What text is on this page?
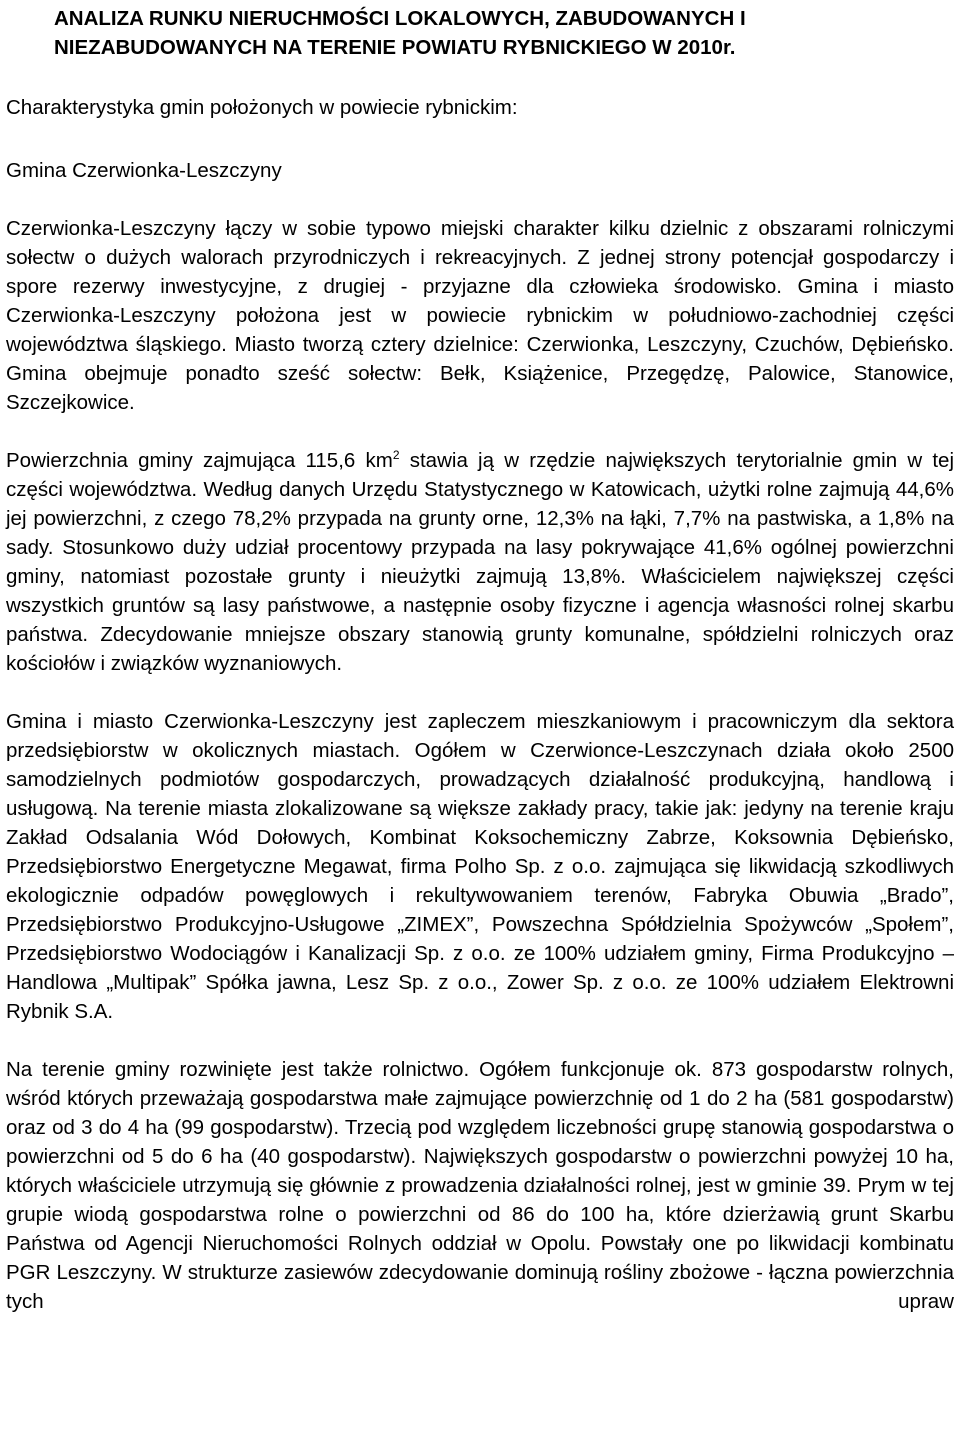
ANALIZA RUNKU NIERUCHMOŚCI LOKALOWYCH, ZABUDOWANYCH I
NIEZABUDOWANYCH NA TERENIE POWIATU RYBNICKIEGO W 2010r.
Charakterystyka gmin położonych w powiecie rybnickim:
Gmina Czerwionka-Leszczyny

Czerwionka-Leszczyny łączy w sobie typowo miejski charakter kilku dzielnic z obszarami rolniczymi sołectw o dużych walorach przyrodniczych i rekreacyjnych. Z jednej strony potencjał gospodarczy i spore rezerwy inwestycyjne, z drugiej - przyjazne dla człowieka środowisko. Gmina i miasto Czerwionka-Leszczyny położona jest w powiecie rybnickim w południowo-zachodniej części województwa śląskiego. Miasto tworzą cztery dzielnice: Czerwionka, Leszczyny, Czuchów, Dębieńsko. Gmina obejmuje ponadto sześć sołectw: Bełk, Książenice, Przegędzę, Palowice, Stanowice, Szczejkowice.

Powierzchnia gminy zajmująca 115,6 $km^2$ stawia ją w rzędzie największych terytorialnie gmin w tej części województwa. Według danych Urzędu Statystycznego w Katowicach, użytki rolne zajmują 44,6% jej powierzchni, z czego 78,2% przypada na grunty orne, 12,3% na łąki, 7,7% na pastwiska, a 1,8% na sady. Stosunkowo duży udział procentowy przypada na lasy pokrywające 41,6% ogólnej powierzchni gminy, natomiast pozostałe grunty i nieużytki zajmują 13,8%. Właścicielem największej części wszystkich gruntów są lasy państwowe, a następnie osoby fizyczne i agencja własności rolnej skarbu państwa. Zdecydowanie mniejsze obszary stanowią grunty komunalne, spółdzielni rolniczych oraz kościołów i związków wyznaniowych.

Gmina i miasto Czerwionka-Leszczyny jest zapleczem mieszkaniowym i pracowniczym dla sektora przedsiębiorstw w okolicznych miastach. Ogółem w Czerwionce-Leszczynach działa około 2500 samodzielnych podmiotów gospodarczych, prowadzących działalność produkcyjną, handlową i usługową. Na terenie miasta zlokalizowane są większe zakłady pracy, takie jak: jedyny na terenie kraju Zakład Odsalania Wód Dołowych, Kombinat Koksochemiczny Zabrze, Koksownia Dębieńsko, Przedsiębiorstwo Energetyczne Megawat, firma Polho Sp. z o.o. zajmująca się likwidacją szkodliwych ekologicznie odpadów powęglowych i rekultywowaniem terenów, Fabryka Obuwia „Brado”, Przedsiębiorstwo Produkcyjno-Usługowe „ZIMEX”, Powszechna Spółdzielnia Spożywców „Społem”, Przedsiębiorstwo Wodociągów i Kanalizacji Sp. z o.o. ze 100% udziałem gminy, Firma Produkcyjno – Handlowa „Multipak” Spółka jawna, Lesz Sp. z o.o., Zower Sp. z o.o. ze 100% udziałem Elektrowni Rybnik S.A.

Na terenie gminy rozwinięte jest także rolnictwo. Ogółem funkcjonuje ok. 873 gospodarstw rolnych, wśród których przeważają gospodarstwa małe zajmujące powierzchnię od 1 do 2 ha (581 gospodarstw) oraz od 3 do 4 ha (99 gospodarstw). Trzecią pod względem liczebności grupę stanowią gospodarstwa o powierzchni od 5 do 6 ha (40 gospodarstw). Największych gospodarstw o powierzchni powyżej 10 ha, których właściciele utrzymują się głównie z prowadzenia działalności rolnej, jest w gminie 39. Prym w tej grupie wiodą gospodarstwa rolne o powierzchni od 86 do 100 ha, które dzierżawią grunt Skarbu Państwa od Agencji Nieruchomości Rolnych oddział w Opolu. Powstały one po likwidacji kombinatu PGR Leszczyny. W strukturze zasiewów zdecydowanie dominują rośliny zbożowe - łączna powierzchnia tych upraw
